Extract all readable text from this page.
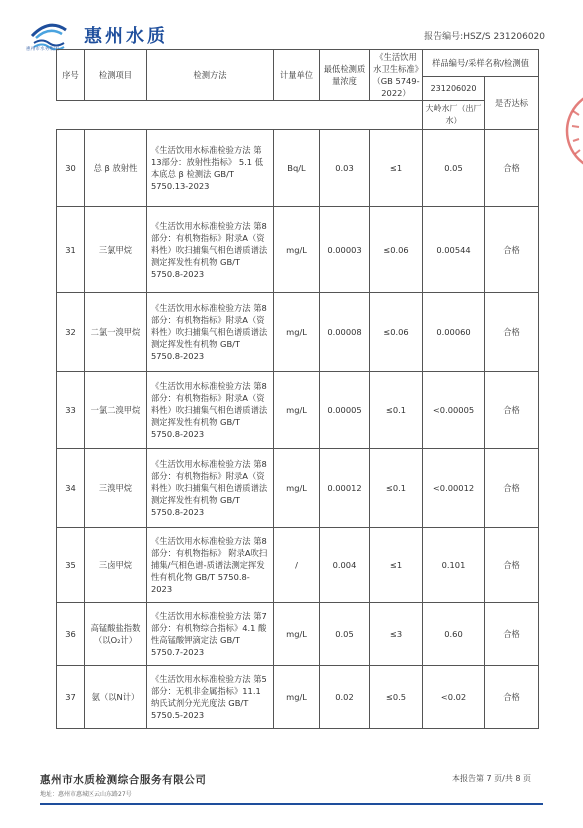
惠州市水务集团
惠州水质	报告编号:HSZ/S 231206020
序号	检测项目	检测方法	计量单位	最低检测质量浓度	《生活饮用水卫生标准》（GB 5749-2022）	样品编号/采样名称/检测值	
						231206020	是否达标
						大岭水厂（出厂水）	
30	总 β 放射性	《生活饮用水标准检验方法 第13部分：放射性指标》 5.1 低本底总 β 检测法 GB/T 5750.13-2023	Bq/L	0.03	≤1	0.05	合格
31	三氯甲烷	《生活饮用水标准检验方法 第8部分：有机物指标》附录A（资料性）吹扫捕集气相色谱质谱法测定挥发性有机物 GB/T 5750.8-2023	mg/L	0.00003	≤0.06	0.00544	合格
32	二氯一溴甲烷	《生活饮用水标准检验方法 第8部分：有机物指标》附录A（资料性）吹扫捕集气相色谱质谱法测定挥发性有机物 GB/T 5750.8-2023	mg/L	0.00008	≤0.06	0.00060	合格
33	一氯二溴甲烷	《生活饮用水标准检验方法 第8部分：有机物指标》附录A（资料性）吹扫捕集气相色谱质谱法测定挥发性有机物 GB/T 5750.8-2023	mg/L	0.00005	≤0.1	<0.00005	合格
34	三溴甲烷	《生活饮用水标准检验方法 第8部分：有机物指标》附录A（资料性）吹扫捕集气相色谱质谱法测定挥发性有机物 GB/T 5750.8-2023	mg/L	0.00012	≤0.1	<0.00012	合格
35	三卤甲烷	《生活饮用水标准检验方法 第8部分：有机物指标》 附录A吹扫捕集/气相色谱-质谱法测定挥发性有机化物 GB/T 5750.8-2023	/	0.004	≤1	0.101	合格
36	高锰酸盐指数（以O₂计）	《生活饮用水标准检验方法 第7部分：有机物综合指标》4.1 酸性高锰酸钾滴定法 GB/T 5750.7-2023	mg/L	0.05	≤3	0.60	合格
37	氨（以N计）	《生活饮用水标准检验方法 第5部分：无机非金属指标》11.1 纳氏试剂分光光度法 GB/T 5750.5-2023	mg/L	0.02	≤0.5	<0.02	合格
惠州市水质检测综合服务有限公司
地址：惠州市惠城区云山东路27号
本报告第 7 页/共 8 页
